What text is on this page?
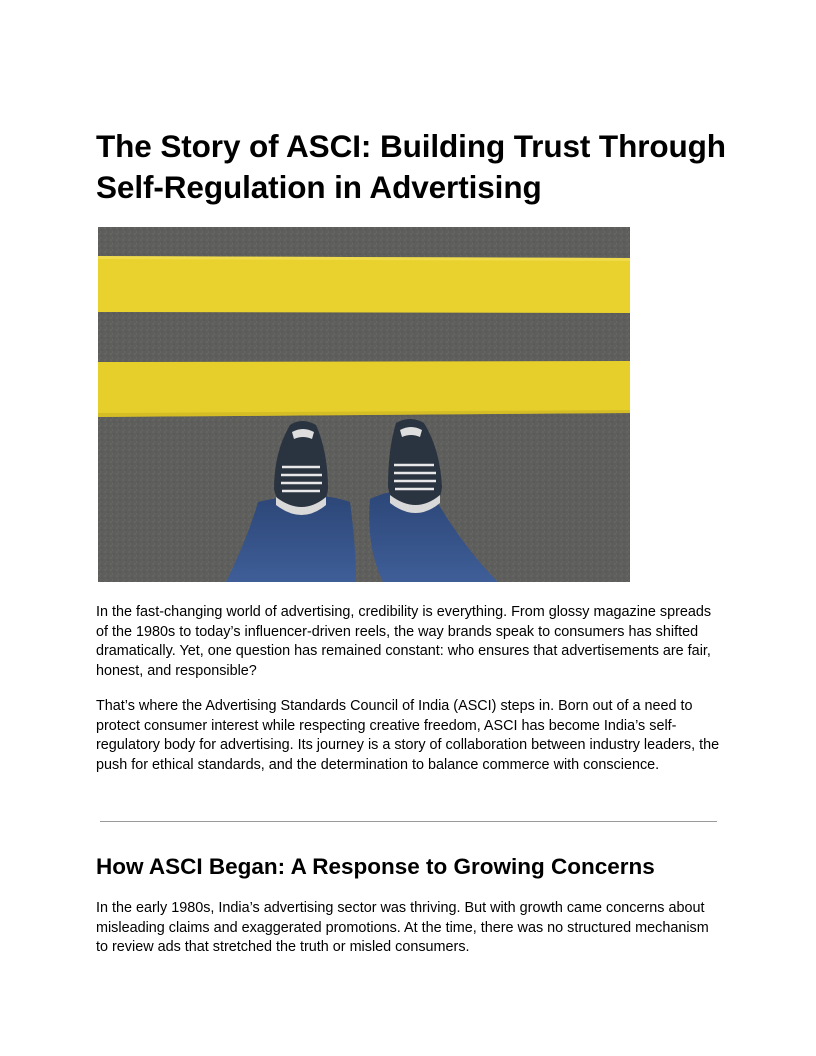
The Story of ASCI: Building Trust Through Self-Regulation in Advertising

In the fast-changing world of advertising, credibility is everything. From glossy magazine spreads of the 1980s to today’s influencer-driven reels, the way brands speak to consumers has shifted dramatically. Yet, one question has remained constant: who ensures that advertisements are fair, honest, and responsible?

That’s where the Advertising Standards Council of India (ASCI) steps in. Born out of a need to protect consumer interest while respecting creative freedom, ASCI has become India’s self-regulatory body for advertising. Its journey is a story of collaboration between industry leaders, the push for ethical standards, and the determination to balance commerce with conscience.

How ASCI Began: A Response to Growing Concerns

In the early 1980s, India’s advertising sector was thriving. But with growth came concerns about misleading claims and exaggerated promotions. At the time, there was no structured mechanism to review ads that stretched the truth or misled consumers.
